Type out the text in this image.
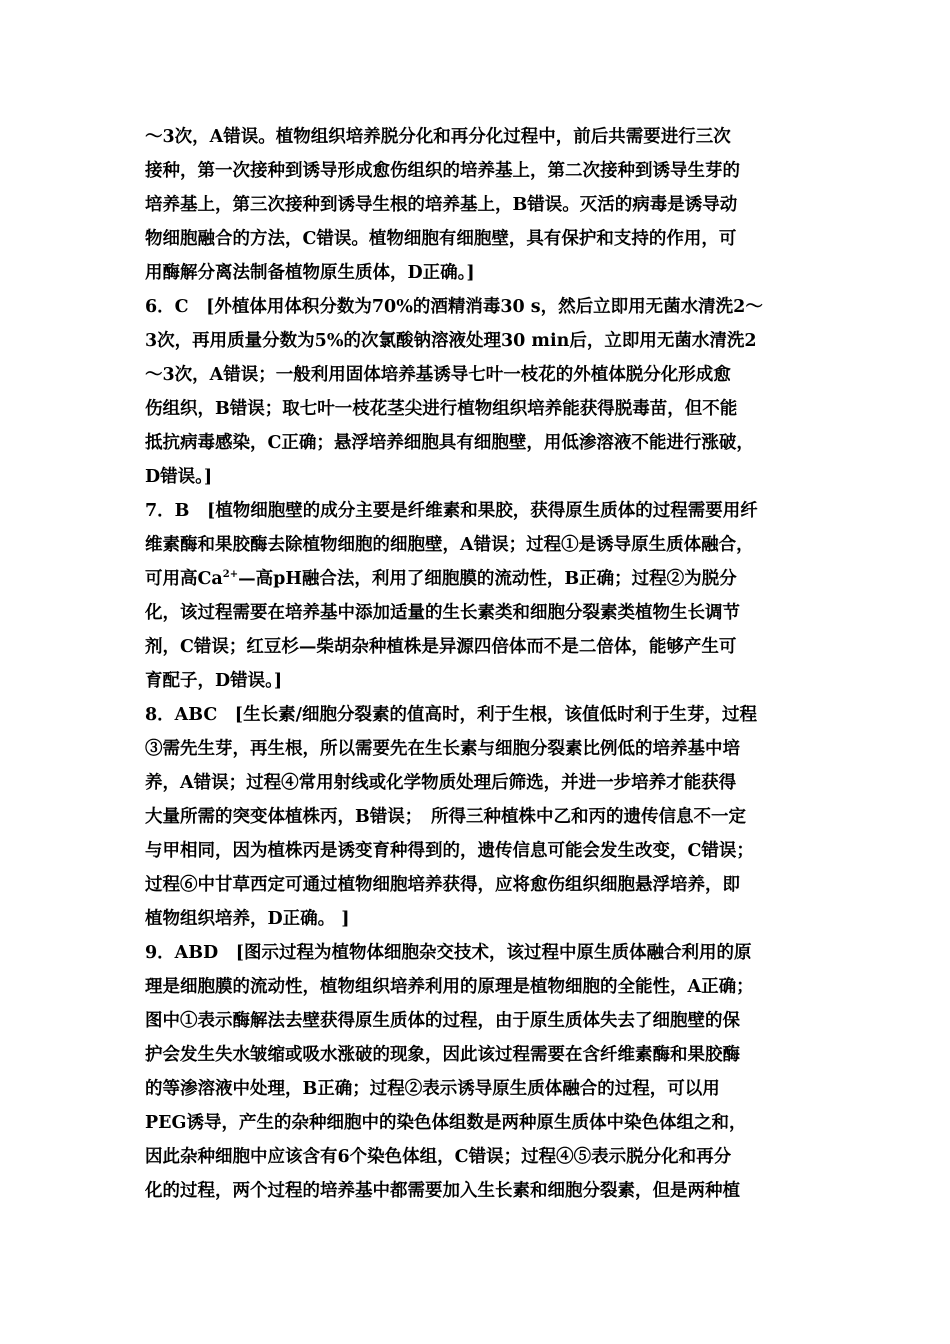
～3次，A错误。植物组织培养脱分化和再分化过程中，前后共需要进行三次
接种，第一次接种到诱导形成愈伤组织的培养基上，第二次接种到诱导生芽的
培养基上，第三次接种到诱导生根的培养基上，B错误。灭活的病毒是诱导动
物细胞融合的方法，C错误。植物细胞有细胞壁，具有保护和支持的作用，可
用酶解分离法制备植物原生质体，D正确。]
6．C　[外植体用体积分数为70%的酒精消毒30 s，然后立即用无菌水清洗2～
3次，再用质量分数为5%的次氯酸钠溶液处理30 min后，立即用无菌水清洗2
～3次，A错误；一般利用固体培养基诱导七叶一枝花的外植体脱分化形成愈
伤组织，B错误；取七叶一枝花茎尖进行植物组织培养能获得脱毒苗，但不能
抵抗病毒感染，C正确；悬浮培养细胞具有细胞壁，用低渗溶液不能进行涨破，
D错误。]
7．B　[植物细胞壁的成分主要是纤维素和果胶，获得原生质体的过程需要用纤
维素酶和果胶酶去除植物细胞的细胞壁，A错误；过程①是诱导原生质体融合，
可用高$Ca^{2+}—$高pH融合法，利用了细胞膜的流动性，B正确；过程②为脱分
化，该过程需要在培养基中添加适量的生长素类和细胞分裂素类植物生长调节
剂，C错误；红豆杉—柴胡杂种植株是异源四倍体而不是二倍体，能够产生可
育配子，D错误。]
8．ABC　[生长素/细胞分裂素的值高时，利于生根，该值低时利于生芽，过程
③需先生芽，再生根，所以需要先在生长素与细胞分裂素比例低的培养基中培
养，A错误；过程④常用射线或化学物质处理后筛选，并进一步培养才能获得
大量所需的突变体植株丙，B错误；　所得三种植株中乙和丙的遗传信息不一定
与甲相同，因为植株丙是诱变育种得到的，遗传信息可能会发生改变，C错误；
过程⑥中甘草西定可通过植物细胞培养获得，应将愈伤组织细胞悬浮培养，即
植物组织培养，D正确。 ]
9．ABD　[图示过程为植物体细胞杂交技术，该过程中原生质体融合利用的原
理是细胞膜的流动性，植物组织培养利用的原理是植物细胞的全能性，A正确；
图中①表示酶解法去壁获得原生质体的过程，由于原生质体失去了细胞壁的保
护会发生失水皱缩或吸水涨破的现象，因此该过程需要在含纤维素酶和果胶酶
的等渗溶液中处理，B正确；过程②表示诱导原生质体融合的过程，可以用
PEG诱导，产生的杂种细胞中的染色体组数是两种原生质体中染色体组之和，
因此杂种细胞中应该含有6个染色体组，C错误；过程④⑤表示脱分化和再分
化的过程，两个过程的培养基中都需要加入生长素和细胞分裂素，但是两种植
